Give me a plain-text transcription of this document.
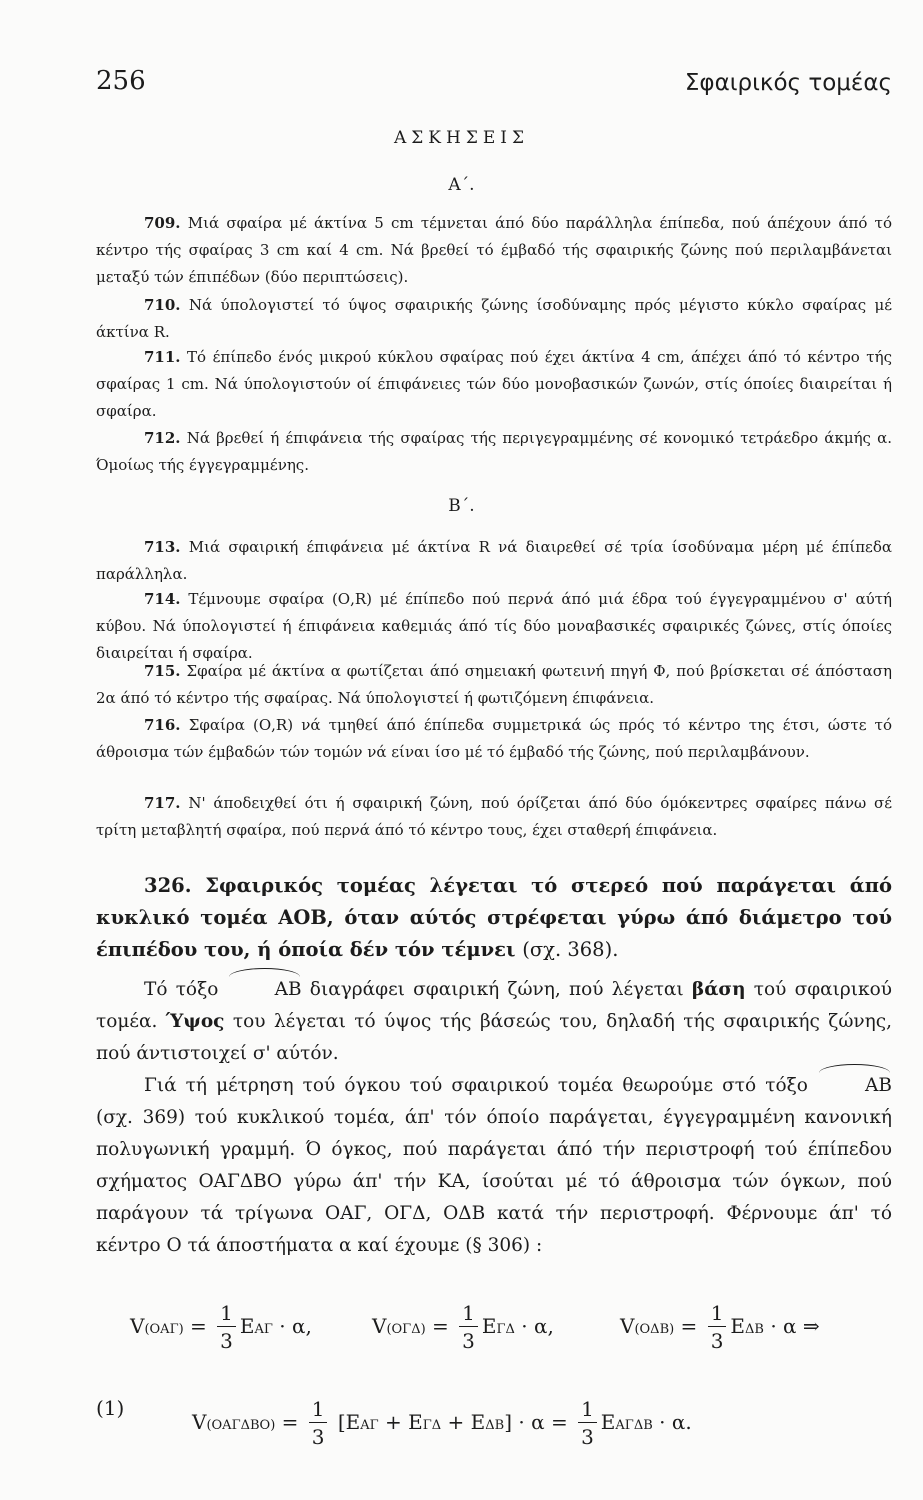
256	Σφαιρικός τομέας
ΑΣΚΗΣΕΙΣ
Α΄.
709. Μιά σφαίρα μέ άκτίνα 5 cm τέμνεται άπό δύο παράλληλα έπίπεδα, πού άπέχουν άπό τό κέντρο τής σφαίρας 3 cm καί 4 cm. Νά βρεθεί τό έμβαδό τής σφαιρικής ζώνης πού περιλαμβάνεται μεταξύ τών έπιπέδων (δύο περιπτώσεις).
710. Νά ύπολογιστεί τό ύψος σφαιρικής ζώνης ίσοδύναμης πρός μέγιστο κύκλο σφαίρας μέ άκτίνα R.
711. Τό έπίπεδο ένός μικρού κύκλου σφαίρας πού έχει άκτίνα 4 cm, άπέχει άπό τό κέντρο τής σφαίρας 1 cm. Νά ύπολογιστούν οί έπιφάνειες τών δύο μονοβασικών ζωνών, στίς όποίες διαιρείται ή σφαίρα.
712. Νά βρεθεί ή έπιφάνεια τής σφαίρας τής περιγεγραμμένης σέ κονομικό τετράεδρο άκμής α. Όμοίως τής έγγεγραμμένης.
Β΄.
713. Μιά σφαιρική έπιφάνεια μέ άκτίνα R νά διαιρεθεί σέ τρία ίσοδύναμα μέρη μέ έπίπεδα παράλληλα.
714. Τέμνουμε σφαίρα (Ο,R) μέ έπίπεδο πού περνά άπό μιά έδρα τού έγγεγραμμένου σ' αύτή κύβου. Νά ύπολογιστεί ή έπιφάνεια καθεμιάς άπό τίς δύο μοναβασικές σφαιρικές ζώνες, στίς όποίες διαιρείται ή σφαίρα.
715. Σφαίρα μέ άκτίνα α φωτίζεται άπό σημειακή φωτεινή πηγή Φ, πού βρίσκεται σέ άπόσταση 2α άπό τό κέντρο τής σφαίρας. Νά ύπολογιστεί ή φωτιζόμενη έπιφάνεια.
716. Σφαίρα (Ο,R) νά τμηθεί άπό έπίπεδα συμμετρικά ώς πρός τό κέντρο της έτσι, ώστε τό άθροισμα τών έμβαδών τών τομών νά είναι ίσο μέ τό έμβαδό τής ζώνης, πού περιλαμβάνουν.
717. Ν' άποδειχθεί ότι ή σφαιρική ζώνη, πού όρίζεται άπό δύο όμόκεντρες σφαίρες πάνω σέ τρίτη μεταβλητή σφαίρα, πού περνά άπό τό κέντρο τους, έχει σταθερή έπιφάνεια.
326. Σφαιρικός τομέας λέγεται τό στερεό πού παράγεται άπό κυκλικό τομέα ΑΟΒ, όταν αύτός στρέφεται γύρω άπό διάμετρο τού έπιπέδου του, ή όποία δέν τόν τέμνει (σχ. 368).
Τό τόξο	ΑΒ διαγράφει σφαιρική ζώνη, πού λέγεται βάση τού σφαιρικού τομέα. Ύψος του λέγεται τό ύψος τής βάσεώς του, δηλαδή τής σφαιρικής ζώνης, πού άντιστοιχεί σ' αύτόν.
Γιά τή μέτρηση τού όγκου τού σφαιρικού τομέα θεωρούμε στό τόξο	ΑΒ (σχ. 369) τού κυκλικού τομέα, άπ' τόν όποίο παράγεται, έγγεγραμμένη κανονική πολυγωνική γραμμή. Ό όγκος, πού παράγεται άπό τήν περιστροφή τού έπίπεδου σχήματος ΟΑΓΔΒΟ γύρω άπ' τήν ΚΑ, ίσούται μέ τό άθροισμα τών όγκων, πού παράγουν τά τρίγωνα ΟΑΓ, ΟΓΔ, ΟΔΒ κατά τήν περιστροφή. Φέρνουμε άπ' τό κέντρο Ο τά άποστήματα α καί έχουμε (§ 306) :
$V(OA\Gamma) = \frac{1}{3}$ ΕΑΓ · α,	$V(O\Gamma\Delta) = \frac{1}{3}$ ΕΓΔ · α,	$V(O\Delta B) = \frac{1}{3}$ ΕΔΒ · α ⇒
(1)
$V(OA\Gamma\Delta BO) = \frac{1}{3} [EA\Gamma + E\Gamma\Delta + E\Delta B] \cdot \alpha = \frac{1}{3}$ ΕΑΓΔΒ · α.
